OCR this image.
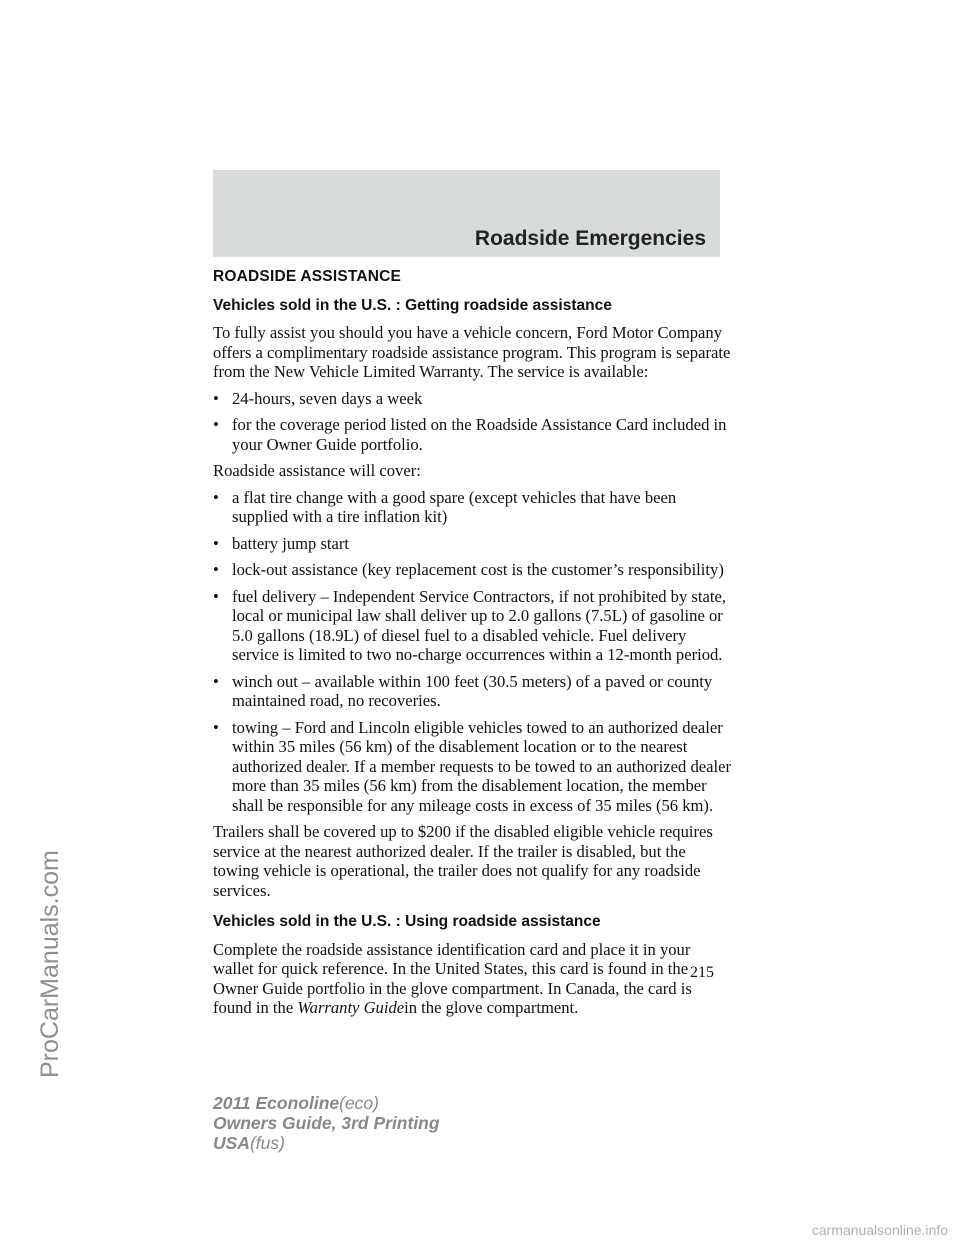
Roadside Emergencies
ROADSIDE ASSISTANCE
Vehicles sold in the U.S. : Getting roadside assistance

To fully assist you should you have a vehicle concern, Ford Motor Company offers a complimentary roadside assistance program. This program is separate from the New Vehicle Limited Warranty. The service is available:

• 24-hours, seven days a week
• for the coverage period listed on the Roadside Assistance Card included in your Owner Guide portfolio.

Roadside assistance will cover:

• a flat tire change with a good spare (except vehicles that have been supplied with a tire inflation kit)
• battery jump start
• lock-out assistance (key replacement cost is the customer’s responsibility)
• fuel delivery – Independent Service Contractors, if not prohibited by state, local or municipal law shall deliver up to 2.0 gallons (7.5L) of gasoline or 5.0 gallons (18.9L) of diesel fuel to a disabled vehicle. Fuel delivery service is limited to two no-charge occurrences within a 12-month period.
• winch out – available within 100 feet (30.5 meters) of a paved or county maintained road, no recoveries.
• towing – Ford and Lincoln eligible vehicles towed to an authorized dealer within 35 miles (56 km) of the disablement location or to the nearest authorized dealer. If a member requests to be towed to an authorized dealer more than 35 miles (56 km) from the disablement location, the member shall be responsible for any mileage costs in excess of 35 miles (56 km).

Trailers shall be covered up to $200 if the disabled eligible vehicle requires service at the nearest authorized dealer. If the trailer is disabled, but the towing vehicle is operational, the trailer does not qualify for any roadside services.

Vehicles sold in the U.S. : Using roadside assistance

Complete the roadside assistance identification card and place it in your wallet for quick reference. In the United States, this card is found in the Owner Guide portfolio in the glove compartment. In Canada, the card is found in the Warranty Guidein the glove compartment.

215
2011 Econoline(eco)
Owners Guide, 3rd Printing
USA(fus)
ProCarManuals.com
carmanualsonline.info
